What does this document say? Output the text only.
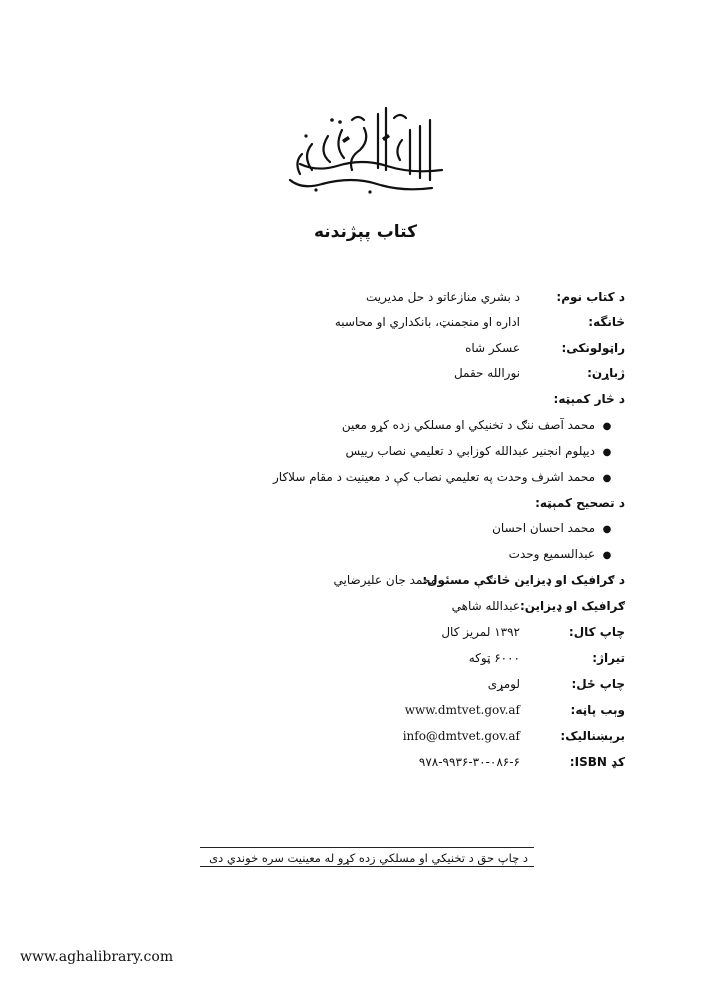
کتاب پېژندنه
د کتاب نوم:د بشري منازعاتو د حل مدیریت
څانگه:اداره او منجمنټ، بانکداري او محاسبه
راټولونکی:عسکر شاه
ژباړن:نورالله حقمل
د څار کمېټه:
●محمد آصف ننګ د تخنیکي او مسلکي زده کړو معین
●دیپلوم انجنیر عبدالله کوزابي د تعلیمي نصاب رییس
●محمد اشرف وحدت په تعلیمي نصاب کې د معینیت د مقام سلاکار
د تصحیح کمېټه:
●محمد احسان احسان
●عبدالسمیع وحدت
د ګرافیک او ډیزاین څانګې مسئول:محمد جان علیرضایي
ګرافیک او ډیزاین:عبدالله شاهي
چاپ کال:۱۳۹۲ لمریز کال
تیراژ:۶۰۰۰ ټوکه
چاپ ځل:لومړی
وېب پاڼه:www.dmtvet.gov.af
برېښنالیک:info@dmtvet.gov.af
کډ ISBN:۹۷۸-۹۹۳۶-۳۰-۰۸۶-۶
د چاپ حق د تخنیکي او مسلکي زده کړو له معینیت سره خوندي دی
www.aghalibrary.com
